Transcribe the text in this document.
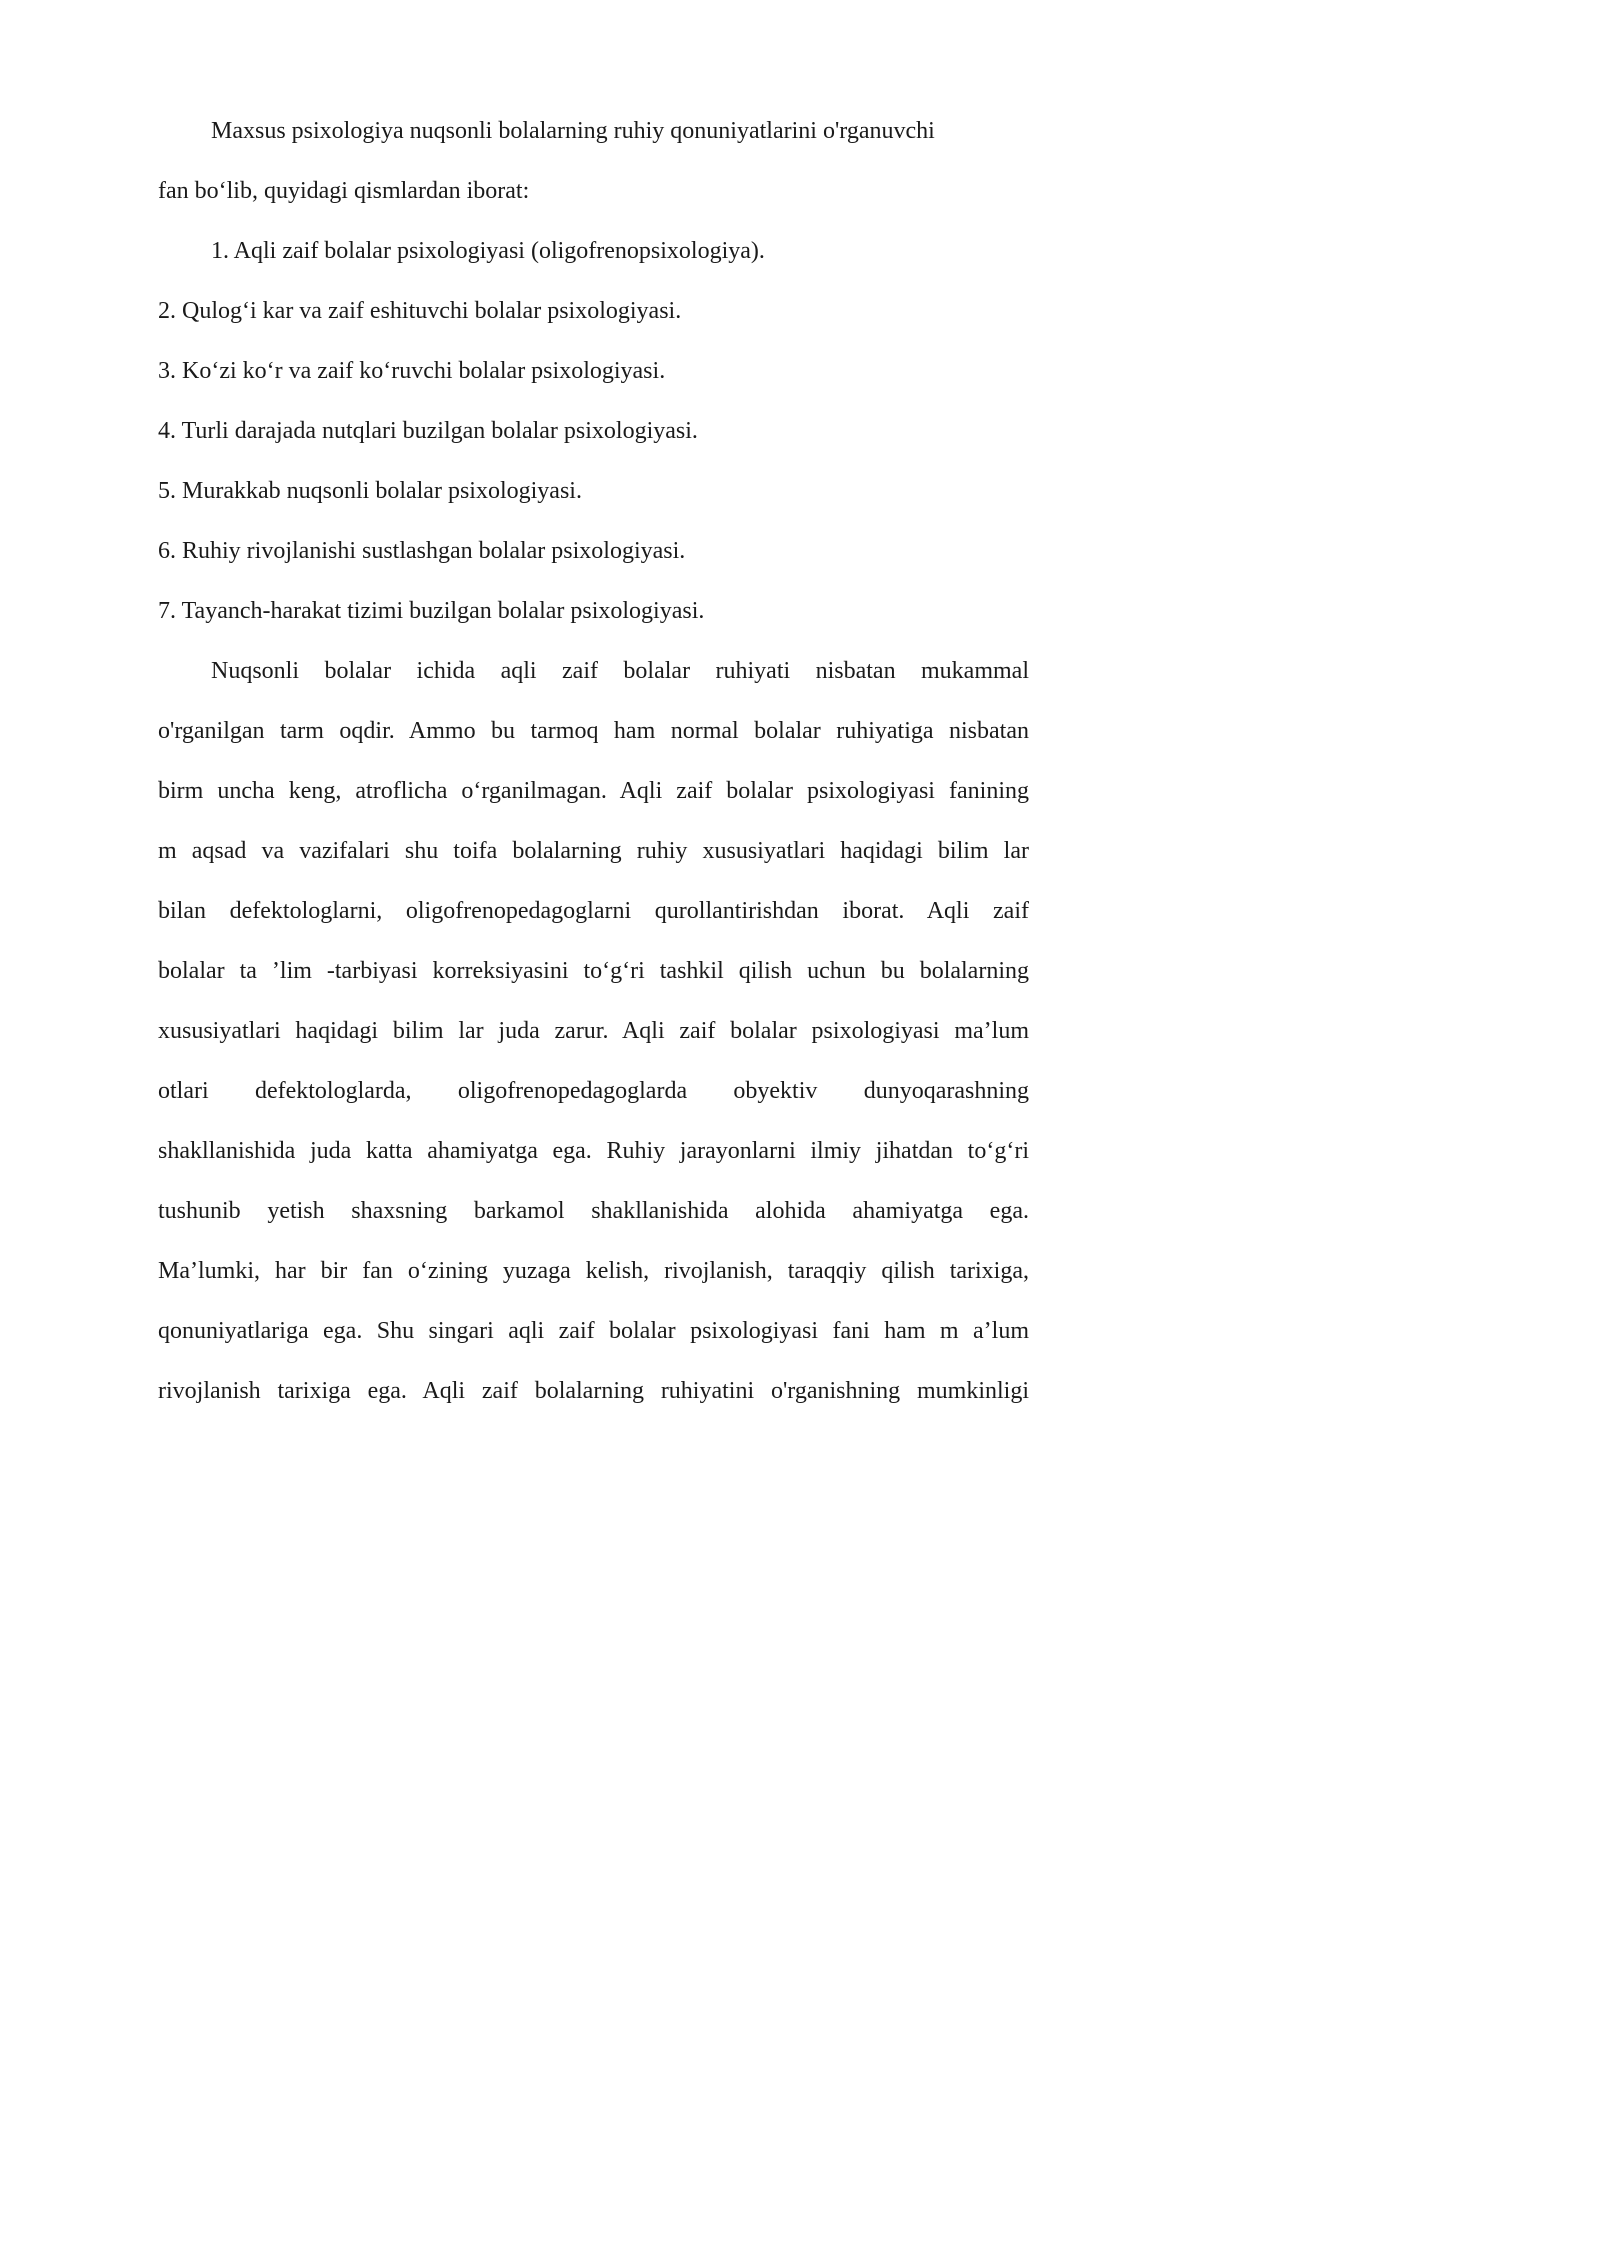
Maxsus psixologiya nuqsonli bolalarning ruhiy qonuniyatlarini o'rganuvchi
fan bo‘lib, quyidagi qismlardan iborat:
1. Aqli zaif bolalar psixologiyasi (oligofrenopsixologiya).
2. Qulog‘i kar va zaif eshituvchi bolalar psixologiyasi.
3. Ko‘zi ko‘r va zaif ko‘ruvchi bolalar psixologiyasi.
4. Turli darajada nutqlari buzilgan bolalar psixologiyasi.
5. Murakkab nuqsonli bolalar psixologiyasi.
6. Ruhiy rivojlanishi sustlashgan bolalar psixologiyasi.
7. Tayanch-harakat tizimi buzilgan bolalar psixologiyasi.
Nuqsonli bolalar ichida aqli zaif bolalar ruhiyati nisbatan mukammal
o'rganilgan tarm oqdir. Ammo bu tarmoq ham normal bolalar ruhiyatiga nisbatan
birm uncha keng, atroflicha o‘rganilmagan. Aqli zaif bolalar psixologiyasi fanining
m aqsad va vazifalari shu toifa bolalarning ruhiy xususiyatlari haqidagi bilim lar
bilan defektologlarni, oligofrenopedagoglarni qurollantirishdan iborat. Aqli zaif
bolalar ta ’lim -tarbiyasi korreksiyasini to‘g‘ri tashkil qilish uchun bu bolalarning
xususiyatlari haqidagi bilim lar juda zarur. Aqli zaif bolalar psixologiyasi ma’lum
otlari defektologlarda, oligofrenopedagoglarda obyektiv dunyoqarashning
shakllanishida juda katta ahamiyatga ega. Ruhiy jarayonlarni ilmiy jihatdan to‘g‘ri
tushunib yetish shaxsning barkamol shakllanishida alohida ahamiyatga ega.
Ma’lumki, har bir fan o‘zining yuzaga kelish, rivojlanish, taraqqiy qilish tarixiga,
qonuniyatlariga ega. Shu singari aqli zaif bolalar psixologiyasi fani ham m a’lum
rivojlanish tarixiga ega. Aqli zaif bolalarning ruhiyatini o'rganishning mumkinligi
